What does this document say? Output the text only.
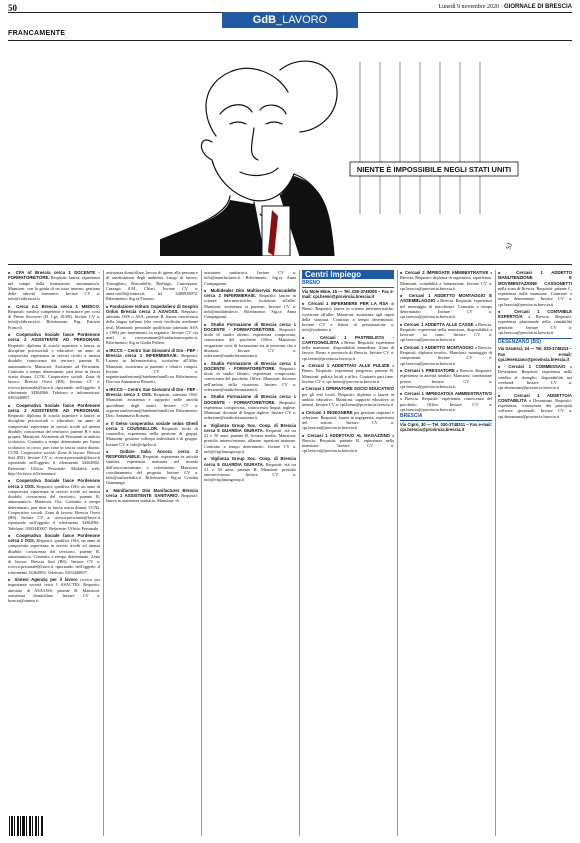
50	Lunedì 9 novembre 2020 · GIORNALE DI BRESCIA
GdB_LAVORO
FRANCAMENTE
NIENTE È IMPOSSIBILE NEGLI STATI UNITI
SJ

■ CFA of Brescia cerca 1 DOCENTE - FORMATORE/TORE. Requisiti: laurea, esperienza nel campo della formazione, automunito/a. Mansioni: con la guida di un tutor interno, gestione delle attività formative. Inviare CV a: info@cfabrescia.it

■ Cerca n.1 Brescia cerca 1 MEDICO. Requisiti: medico competente e formatore per corsi di Primo Soccorso (D. Lgs. 81/08). Inviare CV a: info@cfabrescia.it. Riferimento: Pag. Patrizia Frascoli

■ Cooperativa Sociale fasce Pordenone cerca 2 ASSISTENTE AD PERSONAM. Requisiti: diploma di scuola superiore o laurea in discipline psicosociali o educative; un anno di comprovata esperienza in servizi rivolti a utenza disabile; conoscenza dei territori; patente B, automunito/a. Mansioni: Assistente ad Personam. Contratto a tempo determinato, part time in fascia oraria diurna. CCNL Cooperative sociali. Zona di lavoro: Brescia Ovest (BS). Inviare CV a: ricerca.personale@fasce.it riportando nell'oggetto il riferimento 34364866. Telefono e informazioni: 0303440007.

■ Cooperativa Sociale fasce Pordenone cerca 2 ASSISTENTE AD PERSONAM. Requisiti: diploma di scuola superiore o laurea in discipline psicosociali o educative; un anno di comprovata esperienza in servizi rivolti ad utenza disabile; conoscenza del territorio; patente B e auto propria. Mansioni: Assistente ad Personam in ambito scolastico. Contratto a tempo determinato per l'anno scolastico in corso, part time in fascia oraria diurna. CCNL Cooperative sociali. Zona di lavoro: Brescia Sud (BS). Inviare CV a: ricerca.personale@fasce.it riportando nell'oggetto il riferimento 34364902. Referente: Ufficio Personale. Modalità web: http://ltr.fasce.it/ltr/annunci/

■ Cooperativa Sociale fasce Pordenone cerca 1 OSS. Requisiti: qualifica OSS, un anno di comprovata esperienza in servizi rivolti ad utenza disabile, conoscenza del territorio, patente B, automunito/a. Mansioni: Oss. Contratto a tempo determinato, part time in fascia oraria diurna. CCNL Cooperative sociali. Zona di lavoro: Brescia Ovest (BS). Inviare CV a: ricerca.personale@fasce.it riportando nell'oggetto il riferimento 34364961. Telefono: 0303440007. Referente: Ufficio Personale.

■ Cooperativa Sociale fasce Pordenone cerca 1 OSS. Requisiti: qualifica OSS, un anno di comprovata esperienza in servizi rivolti ad utenza disabile, conoscenza del territorio, patente B, automunito/a. Contratto a tempo determinato. Zona di lavoro: Brescia Sud (BS). Inviare CV a: ricerca.personale@fasce.it riportando nell'oggetto il riferimento 34364994. Telefono: 0303440007.

■ Sintesi Agenzia per il lavoro ricerca per importante società cerca 1 ASACTES. Requisiti: attestato di ASA/OSS, patente B. Mansioni: assistenza domiciliare. Inviare CV a: brescia@sintesi.it

assistenza domiciliare, lavoro di igiene alla persona e di sanificazione degli ambienti. Luogo di lavoro: Travagliato, Roncadelle, Berlingo, Castrezzato, Cazzago S.M., Chiari. Inviare CV a: anna.cotelli@sintesi.it, tel. 3480938072. Riferimento: Sig.ra Fiorano.

■ Fondazione Istituto Ospedaliero di Sospiro Onlus Brescia cerca 2 ASA/OSS. Requisiti: attestato OSS o ASA, patente B, buona conoscenza della lingua italiana (che verrà verificata mediante test). Mansioni: personale qualificato (attestato ASA o OSS) per inserimento in organico. Inviare CV via mail a: risorseumane@fondazionesospiro.it. Riferimento: Sig.ra Giulia Pellero.

■ IRCCS – Centro San Giovanni di Dio - FBF - Brescia cerca 1 INFERMIERA/E. Requisiti: Laurea in Infermieristica, iscrizione all'Albo. Mansioni: assistenza ai pazienti e relativi compiti. Inviare CV a: segreteriaselezione@fatebenefratelli.eu. Riferimento: Dott.ssa Annamaria Rossetti.

■ IRCCS – Centro San Giovanni di Dio - FBF - Brescia cerca 1 OSS. Requisiti: attestato OSS. Mansioni: assistenza e supporto nelle attività quotidiane degli utenti. Inviare CV a: segreteriaselezione@fatebenefratelli.eu. Riferimento: Dott. Annamaria Rossetti.

■ Il Gelso cooperativa sociale onlus Ghedi cerca 1 COUNSELLOR. Requisiti: titolo di counsellor, esperienza nella gestione di gruppi. Mansioni: gestione colloqui individuali e di gruppo. Inviare CV a: info@ilgelso.it

■ Outlare Italia Ancora cerca 2 RESPONSABILE. Requisiti: esperienza in attività similari, esperienza maturata nel mondo dell'associazionismo o volontariato. Mansioni: coordinamento del progetto. Inviare CV a: info@outlareitalia.it. Riferimento: Sig.ra Cristina Giannange.

■ Manifacturer Dim Manifacturer Brescia cerca 1 ASSISTENTE SANITARIO. Requisiti: laurea in assistenza sanitaria. Mansioni: di

assistente sanitario/a. Inviare CV a: info@manifacturer.it. Riferimento: Sig.ra Anna Compagnoni.

■ Multidealer Dim Multiservizi Roncadelle cerca 2 INFERMIERA/E. Requisiti: laurea in scienze infermieristiche, iscrizione all'albo. Mansioni: assistenza ai pazienti. Inviare CV a: info@multidealer.it. Riferimento: Sig.ra Anna Compagnoni.

■ Studio Formazione di Brescia cerca 1 DOCENTE - FORMATORE/TORE. Requisiti: titolo di studio idoneo, esperienza comprovata, conoscenza del pacchetto Office. Mansioni: erogazione corsi di formazione sia in presenza che a distanza. Inviare CV a: selezione@studioformazione.it

■ Studio Formazione di Brescia cerca 1 DOCENTE - FORMATORE/TORE. Requisiti: titolo di studio idoneo, esperienza comprovata, conoscenza del pacchetto Office. Mansioni: docenze nell'ambito della sicurezza. Inviare CV a: selezione@studioformazione.it

■ Studio Formazione di Brescia cerca 1 DOCENTE - FORMATORE/TORE. Requisiti: esperienza comprovata, conoscenza lingua inglese. Mansioni: docenze di lingua inglese. Inviare CV a: selezione@studioformazione.it

■ Vigilanza Group Soc. Coop. di Brescia cerca 5 GUARDIA GIURATA. Requisiti: età tra 21 e 50 anni, patente B, licenza media. Mansioni: presidio interno/esterno, allarme, ispezioni notturne. Contratto a tempo determinato. Inviare CV a: info@vigilanzagroup.it

■ Vigilanza Group Soc. Coop. di Brescia cerca 5 GUARDIA GIURATA. Requisiti: età tra 21 e 50 anni, patente B. Mansioni: presidio interno/esterno. Inviare CV a: info@vigilanzagroup.it

Centri Impiego
BRENO
Via Mole Mine, 16 — Tel. 030-3748309 – Fax e-mail: cpi.breno@provincia.brescia.it

■ Cercasi 1 INFERMIERE PER LA RSA di Breno. Requisiti: laurea in scienze infermieristiche, iscrizione all'albo. Mansioni: assistenza agli ospiti della struttura. Contratto a tempo determinato. Inviare CV e lettera di presentazione a: info@rsabreno.it

■ Cercasi 1 PASTRELISTA - CARTOONGLISTA a Breno. Requisiti: esperienza nella mansione, disponibilità immediata. Zona di lavoro: Breno e provincia di Brescia. Inviare CV a: cpi.breno@provincia.brescia.it

■ Cercasi 1 ADDETTA/O ALLE PULIZIE a Breno. Requisiti: esperienza pregressa, patente B. Mansioni: pulizia locali e uffici. Contratto part time. Inviare CV a: cpi.breno@provincia.brescia.it

■ Cercasi 1 OPERATORE SOCIO EDUCATIVO per gli enti locali. Requisiti: diploma o laurea in ambito educativo. Mansioni: supporto educativo ai minori. Inviare CV a: cpi.breno@provincia.brescia.it

■ Cercasi 1 INGEGNERE per gestione impianti e selezione. Requisiti: laurea in ingegneria, esperienza nel settore. Inviare CV a: cpi.brescia@provincia.brescia.it

■ Cercasi 1 ADDETTA/O AL MAGAZZINO a Brescia. Requisiti: patente B, esperienza nella mansione. Inviare CV a: cpi.brescia@provincia.brescia.it

■ Cercasi 2 IMPIEGATE AMMINISTRATIVE a Brescia. Requisiti: diploma di ragioneria, esperienza. Mansioni: contabilità e fatturazione. Inviare CV a: cpi.brescia@provincia.brescia.it

■ Cercasi 1 ADDETTO MONTAGGIO E ASSEMBLAGGIO a Brescia. Requisiti: esperienza nel montaggio di macchinari. Contratto a tempo determinato. Inviare CV a: cpi.brescia@provincia.brescia.it

■ Cercasi 1 ADDETTA ALLE CASSE a Brescia. Requisiti: esperienza nella mansione, disponibilità a lavorare su turni. Inviare CV a: cpi.brescia@provincia.brescia.it

■ Cercasi 1 ADDETTO MONTAGGIO a Brescia. Requisiti: diploma tecnico. Mansioni: montaggio di componenti. Inviare CV a: cpi.brescia@provincia.brescia.it

■ Cercasi 1 PRESSATORE a Brescia. Requisiti: esperienza in attività similari. Mansioni: conduzione presse. Inviare CV a: cpi.brescia@provincia.brescia.it

■ Cercasi 1 IMPIEGATO/A AMMINISTRATIVO a Brescia. Requisiti: esperienza, conoscenza del pacchetto Office. Inviare CV a: cpi.brescia@provincia.brescia.it

BRESCIA
Via Cipro, 30 — Tel. 030-3748311 – Fax e-mail: cpi.brescia@provincia.brescia.it

■ Cercasi 1 ADDETTO MANUTENZIONE E MOVIMENTAZIONE CASSONETTI nella zona di Brescia. Requisiti: patente C, esperienza nella mansione. Contratto a tempo determinato. Inviare CV a: cpi.brescia@provincia.brescia.it

■ Cercasi 1 CONTABILE ESPERTO/A a Brescia. Requisiti: esperienza pluriennale nella contabilità generale. Inviare CV a: cpi.brescia@provincia.brescia.it

DESENZANO (BS)
Via Gramsci, 24 — Tel. 030-3748313 – Fax e-mail: cpi.desenzano@provincia.brescia.it

■ Cercasi 1 COMMESSA/O a Desenzano. Requisiti: esperienza nella vendita al dettaglio, disponibilità nei weekend. Inviare CV a: cpi.desenzano@provincia.brescia.it

■ Cercasi 1 ADDETTO/A CONTABILITÀ a Desenzano. Requisiti: esperienza, conoscenza dei principali software gestionali. Inviare CV a: cpi.desenzano@provincia.brescia.it
